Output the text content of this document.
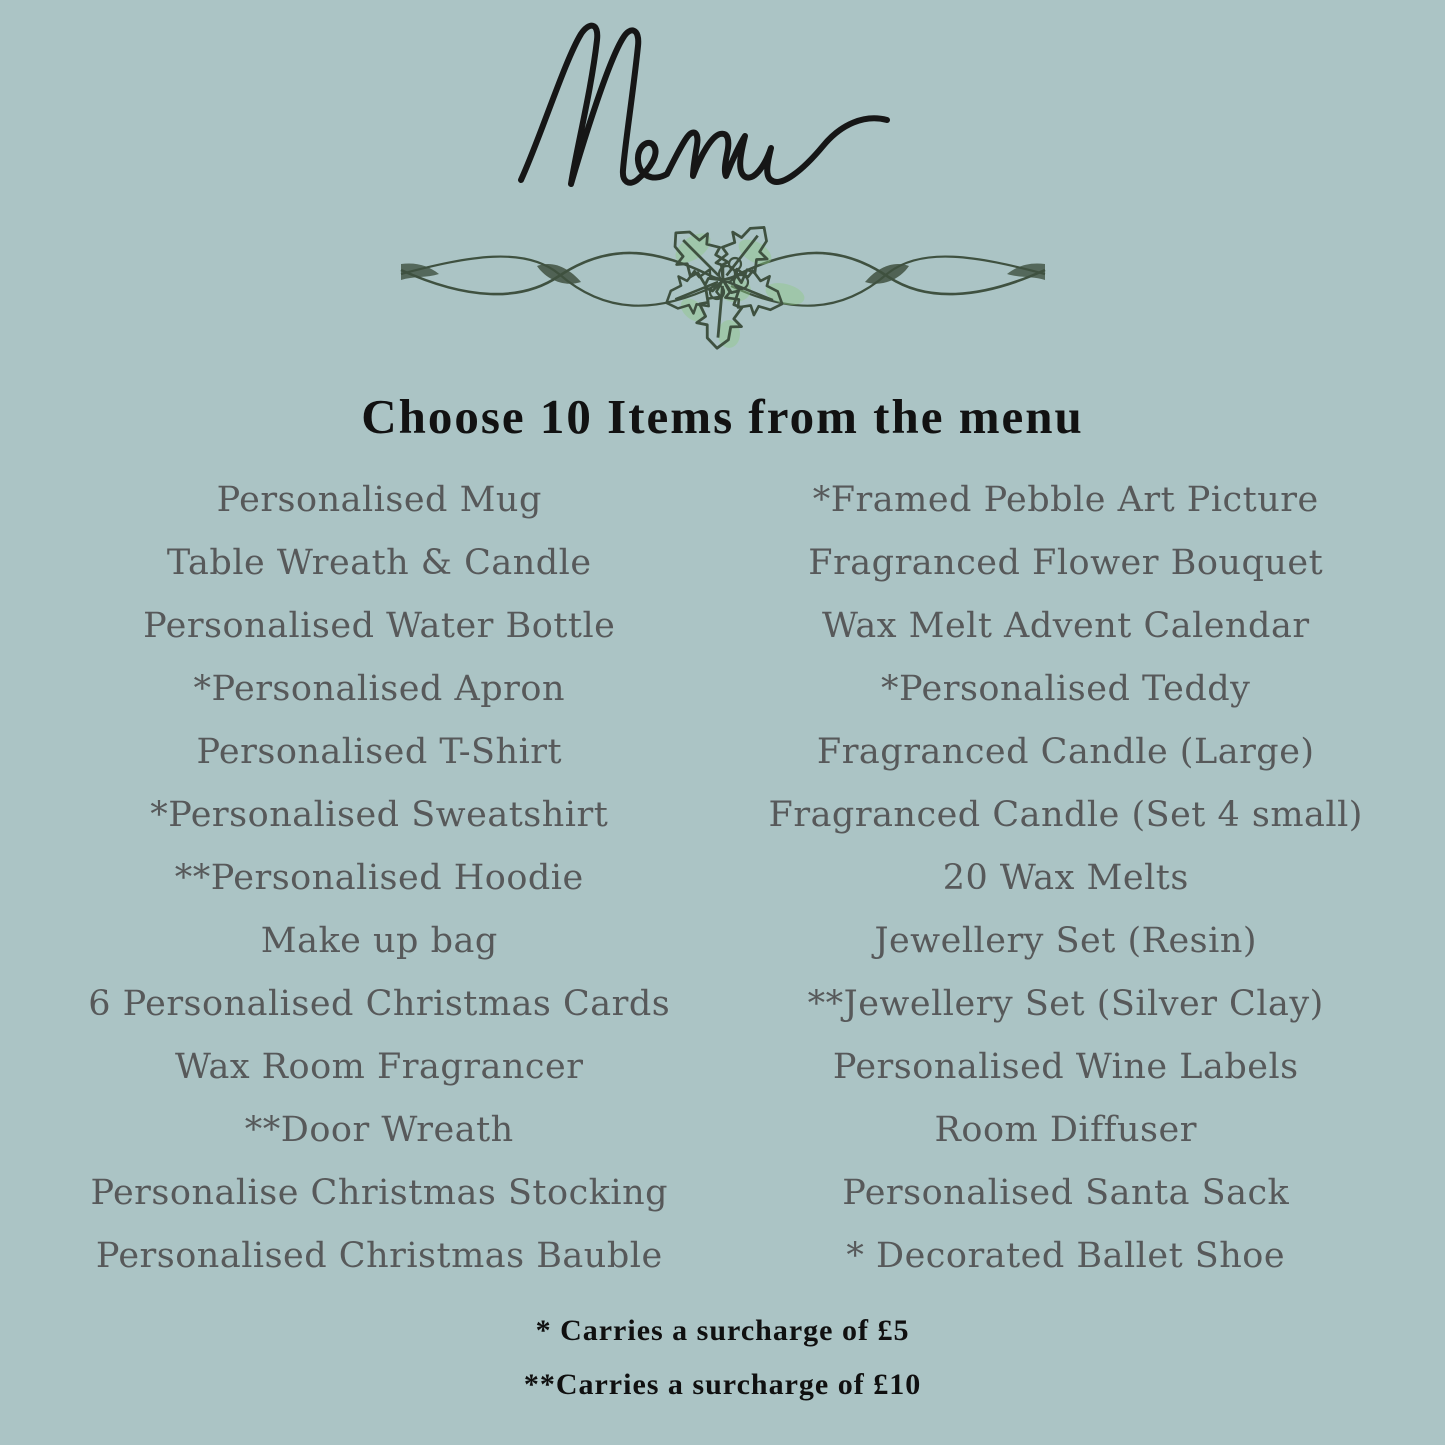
Choose 10 Items from the menu
Personalised Mug
Table Wreath & Candle
Personalised Water Bottle
*Personalised Apron
Personalised T-Shirt
*Personalised Sweatshirt
**Personalised Hoodie
Make up bag
6 Personalised Christmas Cards
Wax Room Fragrancer
**Door Wreath
Personalise Christmas Stocking
Personalised Christmas Bauble
*Framed Pebble Art Picture
Fragranced Flower Bouquet
Wax Melt Advent Calendar
*Personalised Teddy
Fragranced Candle (Large)
Fragranced Candle (Set 4 small)
20 Wax Melts
Jewellery Set (Resin)
**Jewellery Set (Silver Clay)
Personalised Wine Labels
Room Diffuser
Personalised Santa Sack
* Decorated Ballet Shoe
* Carries a surcharge of £5
**Carries a surcharge of £10
